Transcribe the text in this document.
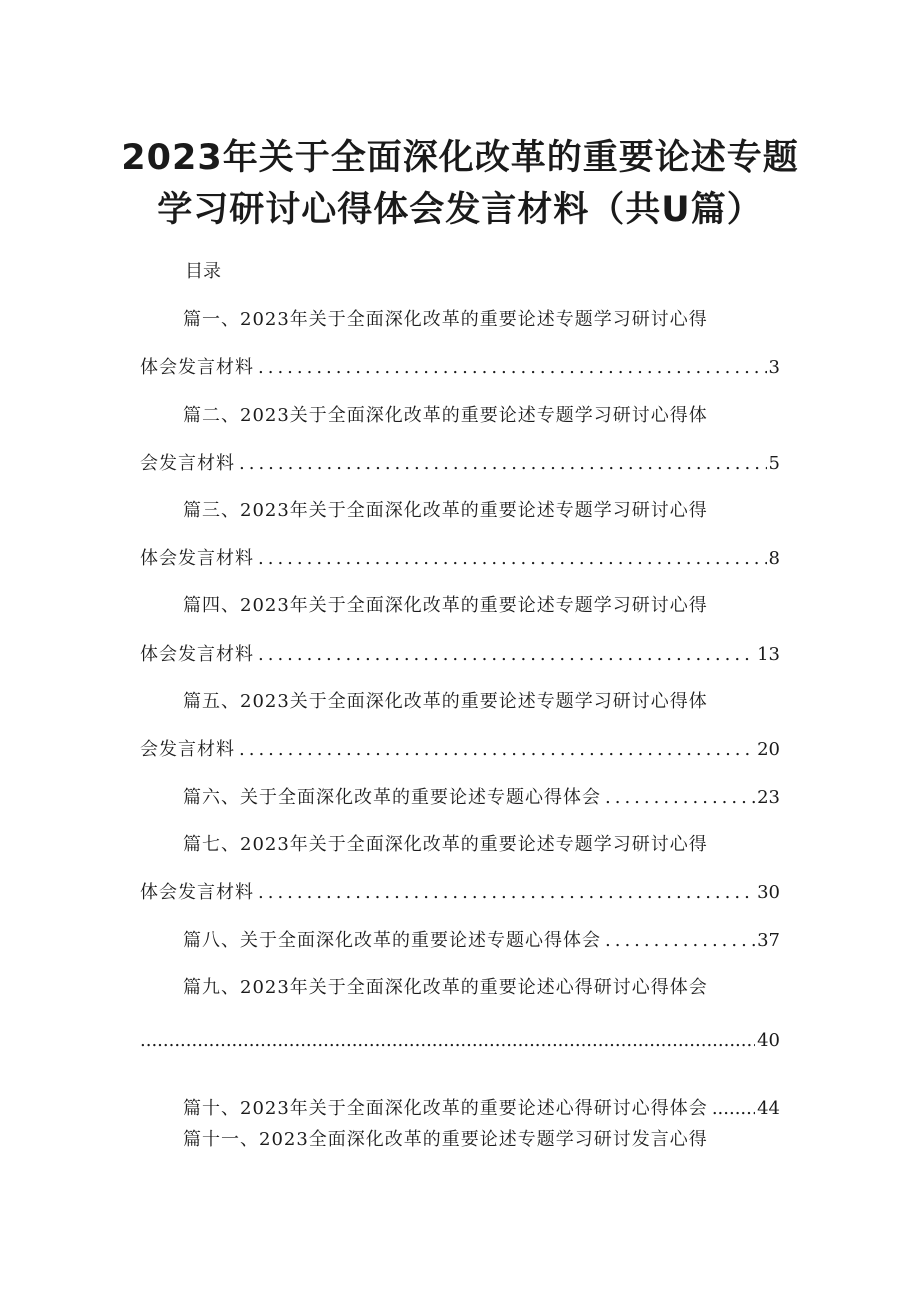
2023年关于全面深化改革的重要论述专题
学习研讨心得体会发言材料（共U篇）
目录
篇一、2023年关于全面深化改革的重要论述专题学习研讨心得
体会发言材料 .....	3
篇二、2023关于全面深化改革的重要论述专题学习研讨心得体
会发言材料 .....	5
篇三、2023年关于全面深化改革的重要论述专题学习研讨心得
体会发言材料 .....	8
篇四、2023年关于全面深化改革的重要论述专题学习研讨心得
体会发言材料 .....	13
篇五、2023关于全面深化改革的重要论述专题学习研讨心得体
会发言材料 .....	20
篇六、关于全面深化改革的重要论述专题心得体会 .....	23
篇七、2023年关于全面深化改革的重要论述专题学习研讨心得
体会发言材料 .....	30
篇八、关于全面深化改革的重要论述专题心得体会 .....	37
篇九、2023年关于全面深化改革的重要论述心得研讨心得体会
.....
40
篇十、2023年关于全面深化改革的重要论述心得研讨心得体会 .....	44
篇十一、2023全面深化改革的重要论述专题学习研讨发言心得
